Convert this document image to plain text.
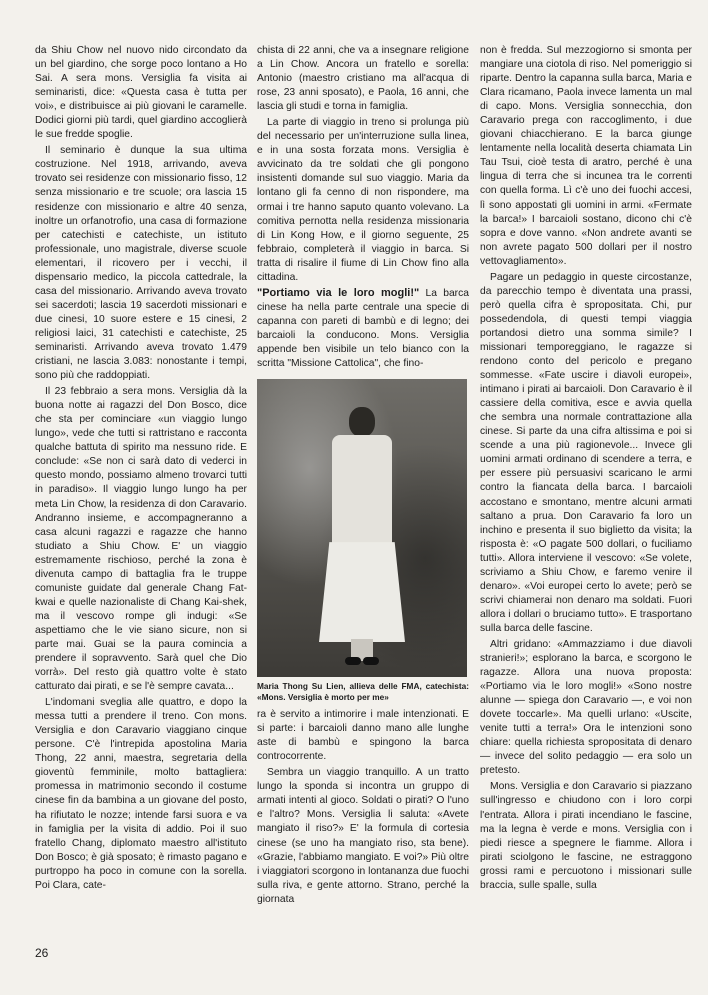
da Shiu Chow nel nuovo nido circondato da un bel giardino, che sorge poco lontano a Ho Sai. A sera mons. Versiglia fa visita ai seminaristi, dice: «Questa casa è tutta per voi», e distribuisce ai più giovani le caramelle. Dodici giorni più tardi, quel giardino accoglierà le sue fredde spoglie.

Il seminario è dunque la sua ultima costruzione. Nel 1918, arrivando, aveva trovato sei residenze con missionario fisso, 12 senza missionario e tre scuole; ora lascia 15 residenze con missionario e altre 40 senza, inoltre un orfanotrofio, una casa di formazione per catechisti e catechiste, un istituto professionale, uno magistrale, diverse scuole elementari, il ricovero per i vecchi, il dispensario medico, la piccola cattedrale, la casa del missionario. Arrivando aveva trovato sei sacerdoti; lascia 19 sacerdoti missionari e due cinesi, 10 suore estere e 15 cinesi, 2 religiosi laici, 31 catechisti e catechiste, 25 seminaristi. Arrivando aveva trovato 1.479 cristiani, ne lascia 3.083: nonostante i tempi, sono più che raddoppiati.

Il 23 febbraio a sera mons. Versiglia dà la buona notte ai ragazzi del Don Bosco, dice che sta per cominciare «un viaggio lungo lungo», vede che tutti si rattristano e racconta qualche battuta di spirito ma nessuno ride. E conclude: «Se non ci sarà dato di vederci in questo mondo, possiamo almeno trovarci tutti in paradiso». Il viaggio lungo lungo ha per meta Lin Chow, la residenza di don Caravario. Andranno insieme, e accompagneranno a casa alcuni ragazzi e ragazze che hanno studiato a Shiu Chow. E' un viaggio estremamente rischioso, perché la zona è divenuta campo di battaglia fra le truppe comuniste guidate dal generale Chang Fat-kwai e quelle nazionaliste di Chang Kai-shek, ma il vescovo rompe gli indugi: «Se aspettiamo che le vie siano sicure, non si parte mai. Guai se la paura comincia a prendere il sopravvento. Sarà quel che Dio vorrà». Del resto già quattro volte è stato catturato dai pirati, e se l'è sempre cavata...

L'indomani sveglia alle quattro, e dopo la messa tutti a prendere il treno. Con mons. Versiglia e don Caravario viaggiano cinque persone. C'è l'intrepida apostolina Maria Thong, 22 anni, maestra, segretaria della gioventù femminile, molto battagliera: promessa in matrimonio secondo il costume cinese fin da bambina a un giovane del posto, ha rifiutato le nozze; intende farsi suora e va in famiglia per la visita di addio. Poi il suo fratello Chang, diplomato maestro all'istituto Don Bosco; è già sposato; è rimasto pagano e purtroppo ha poco in comune con la sorella. Poi Clara, cate-

chista di 22 anni, che va a insegnare religione a Lin Chow. Ancora un fratello e sorella: Antonio (maestro cristiano ma all'acqua di rose, 23 anni sposato), e Paola, 16 anni, che lascia gli studi e torna in famiglia.

La parte di viaggio in treno si prolunga più del necessario per un'interruzione sulla linea, e in una sosta forzata mons. Versiglia è avvicinato da tre soldati che gli pongono insistenti domande sul suo viaggio. Maria da lontano gli fa cenno di non rispondere, ma ormai i tre hanno saputo quanto volevano. La comitiva pernotta nella residenza missionaria di Lin Kong How, e il giorno seguente, 25 febbraio, completerà il viaggio in barca. Si tratta di risalire il fiume di Lin Chow fino alla cittadina.

"Portiamo via le loro mogli!" La barca cinese ha nella parte centrale una specie di capanna con pareti di bambù e di legno; dei barcaioli la conducono. Mons. Versiglia appende ben visibile un telo bianco con la scritta "Missione Cattolica", che fino-

Maria Thong Su Lien, allieva delle FMA, catechista: «Mons. Versiglia è morto per me»

ra è servito a intimorire i male intenzionati. E si parte: i barcaioli danno mano alle lunghe aste di bambù e spingono la barca controcorrente.

Sembra un viaggio tranquillo. A un tratto lungo la sponda si incontra un gruppo di armati intenti al gioco. Soldati o pirati? O l'uno e l'altro? Mons. Versiglia li saluta: «Avete mangiato il riso?» E' la formula di cortesia cinese (se uno ha mangiato riso, sta bene). «Grazie, l'abbiamo mangiato. E voi?» Più oltre i viaggiatori scorgono in lontananza due fuochi sulla riva, e gente attorno. Strano, perché la giornata

non è fredda. Sul mezzogiorno si smonta per mangiare una ciotola di riso. Nel pomeriggio si riparte. Dentro la capanna sulla barca, Maria e Clara ricamano, Paola invece lamenta un mal di capo. Mons. Versiglia sonnecchia, don Caravario prega con raccoglimento, i due giovani chiacchierano. E la barca giunge lentamente nella località deserta chiamata Lin Tau Tsui, cioè testa di aratro, perché è una lingua di terra che si incunea tra le correnti con quella forma. Lì c'è uno dei fuochi accesi, lì sono appostati gli uomini in armi. «Fermate la barca!» I barcaioli sostano, dicono chi c'è sopra e dove vanno. «Non andrete avanti se non avrete pagato 500 dollari per il nostro vettovagliamento».

Pagare un pedaggio in queste circostanze, da parecchio tempo è diventata una prassi, però quella cifra è spropositata. Chi, pur possedendola, di questi tempi viaggia portandosi dietro una somma simile? I missionari temporeggiano, le ragazze si rendono conto del pericolo e pregano sommesse. «Fate uscire i diavoli europei», intimano i pirati ai barcaioli. Don Caravario è il cassiere della comitiva, esce e avvia quella che sembra una normale contrattazione alla cinese. Si parte da una cifra altissima e poi si scende a una più ragionevole... Invece gli uomini armati ordinano di scendere a terra, e per essere più persuasivi scaricano le armi contro la fiancata della barca. I barcaioli accostano e smontano, mentre alcuni armati saltano a prua. Don Caravario fa loro un inchino e presenta il suo biglietto da visita; la risposta è: «O pagate 500 dollari, o fuciliamo tutti». Allora interviene il vescovo: «Se volete, scriviamo a Shiu Chow, e faremo venire il denaro». «Voi europei certo lo avete; però se scrivi chiamerai non denaro ma soldati. Fuori allora i dollari o bruciamo tutto». E trasportano sulla barca delle fascine.

Altri gridano: «Ammazziamo i due diavoli stranieri!»; esplorano la barca, e scorgono le ragazze. Allora una nuova proposta: «Portiamo via le loro mogli!» «Sono nostre alunne — spiega don Caravario —, e voi non dovete toccarle». Ma quelli urlano: «Uscite, venite tutti a terra!» Ora le intenzioni sono chiare: quella richiesta spropositata di denaro — invece del solito pedaggio — era solo un pretesto.

Mons. Versiglia e don Caravario si piazzano sull'ingresso e chiudono con i loro corpi l'entrata. Allora i pirati incendiano le fascine, ma la legna è verde e mons. Versiglia con i piedi riesce a spegnere le fiamme. Allora i pirati sciolgono le fascine, ne estraggono grossi rami e percuotono i missionari sulle braccia, sulle spalle, sulla

26
